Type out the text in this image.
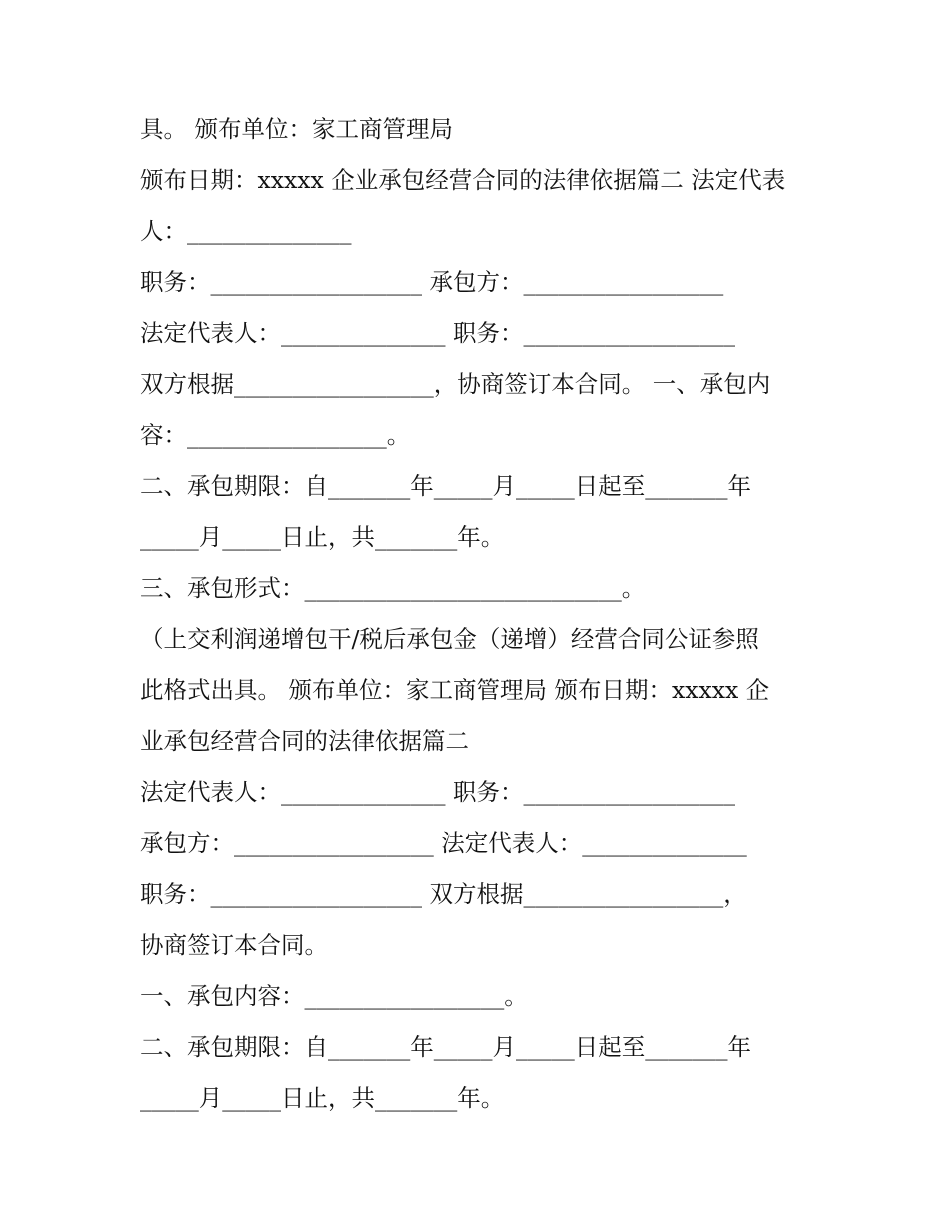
具。 颁布单位：家工商管理局
颁布日期：xxxxx 企业承包经营合同的法律依据篇二 法定代表
人：______________
职务：__________________ 承包方：_________________
法定代表人：______________ 职务：__________________
双方根据_________________，协商签订本合同。 一、承包内
容：_________________。
二、承包期限：自_______年_____月_____日起至_______年
_____月_____日止，共_______年。
三、承包形式：___________________________。
（上交利润递增包干/税后承包金（递增）经营合同公证参照
此格式出具。 颁布单位：家工商管理局 颁布日期：xxxxx 企
业承包经营合同的法律依据篇二
法定代表人：______________ 职务：__________________
承包方：_________________ 法定代表人：______________
职务：__________________ 双方根据_________________，
协商签订本合同。
一、承包内容：_________________。
二、承包期限：自_______年_____月_____日起至_______年
_____月_____日止，共_______年。
